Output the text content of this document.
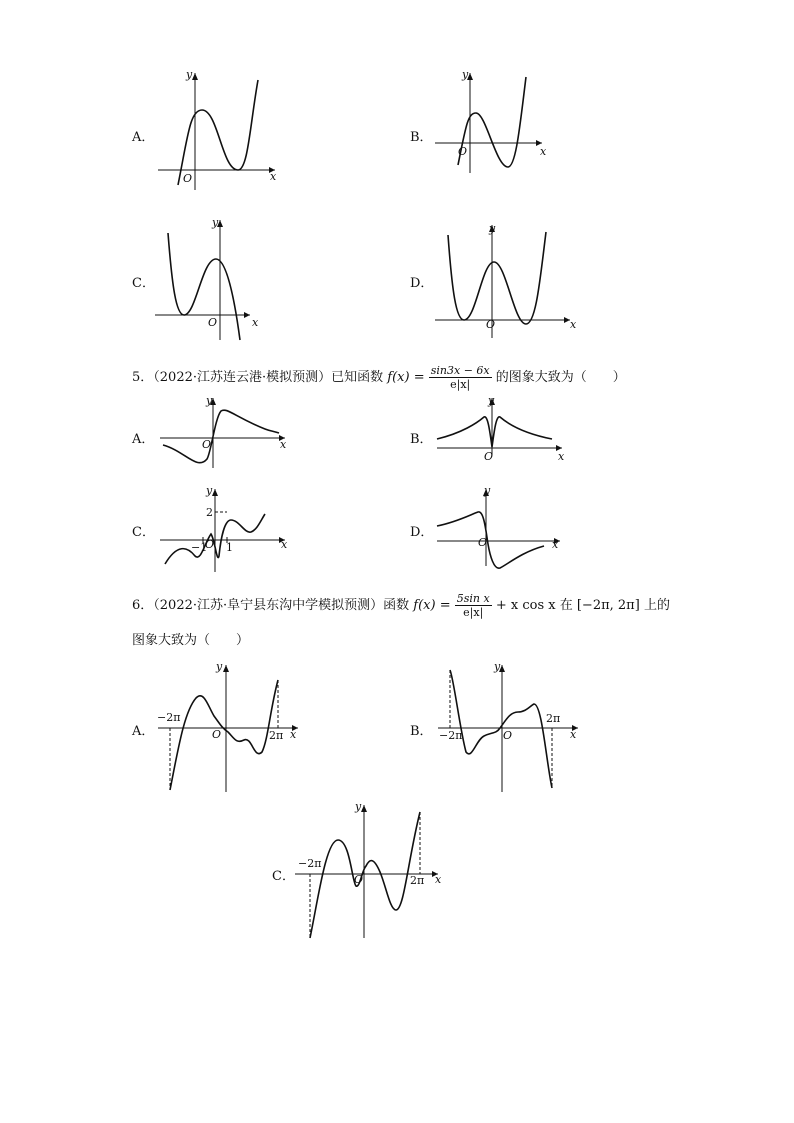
A．
y
x
O
B．
y
x
O
C．
y
x
O
D．
y
x
O
5．（2022·江苏连云港·模拟预测）已知函数 $f(x) = \frac{\sin 3x - 6x}{e|x|}$ 的图象大致为（　　）
A．
y
x
O	B．
y
x
O
C．
y
x
O
2
−1 1
D．
y
x
O
6．（2022·江苏·阜宁县东沟中学模拟预测）函数 $f(x) = \frac{\text{5sin x}}{e|x|} + x$ cos x 在 [−2π, 2π] 上的
图象大致为（　　）
A．
y
x
O
−2π
2π	B．
y
x
O
−2π
2π
C．
y
x
O
−2π
2π
